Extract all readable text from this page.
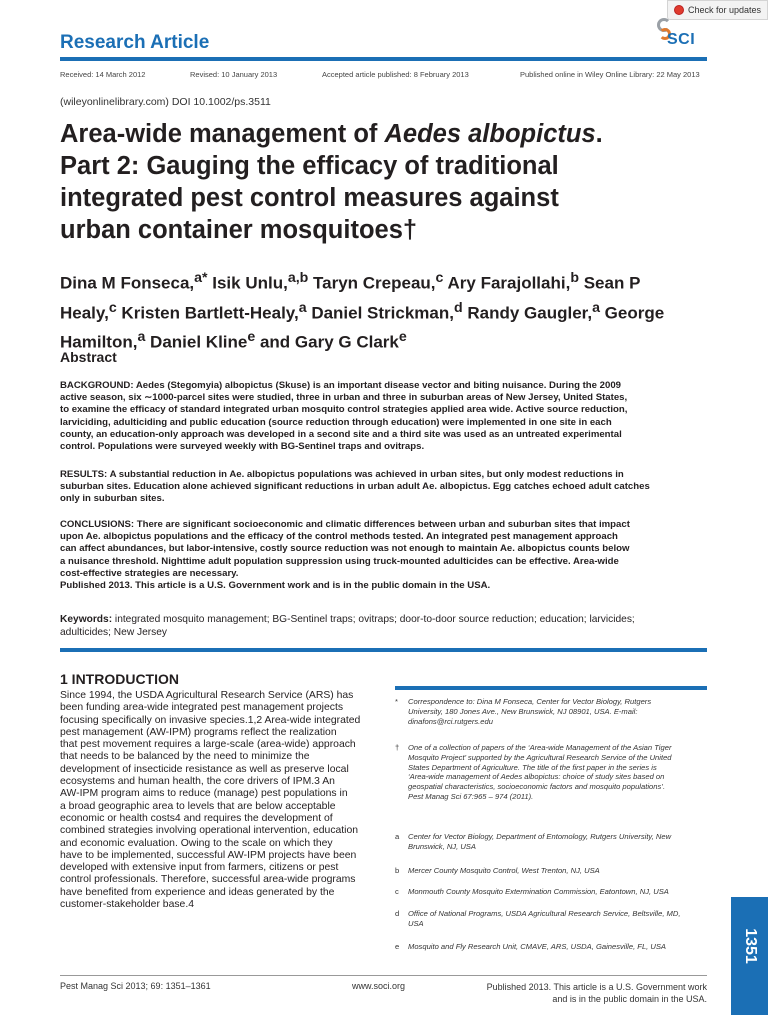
Check for updates
Research Article	SCI
Received: 14 March 2012	Revised: 10 January 2013	Accepted article published: 8 February 2013	Published online in Wiley Online Library: 22 May 2013
(wileyonlinelibrary.com) DOI 10.1002/ps.3511
Area-wide management of Aedes albopictus.
Part 2: Gauging the efficacy of traditional
integrated pest control measures against
urban container mosquitoes†
Dina M Fonseca,$^{a*}$ Isik Unlu,$^{a,b}$ Taryn Crepeau,$^c$ Ary Farajollahi,$^b$ Sean P
Healy,$^c$ Kristen Bartlett-Healy,$^a$ Daniel Strickman,$^d$ Randy Gaugler,$^a$ George
Hamilton,$^a$ Daniel Kline$^e$ and Gary G Clark$^e$
Abstract
BACKGROUND: Aedes (Stegomyia) albopictus (Skuse) is an important disease vector and biting nuisance. During the 2009
active season, six ∼1000-parcel sites were studied, three in urban and three in suburban areas of New Jersey, United States,
to examine the efficacy of standard integrated urban mosquito control strategies applied area wide. Active source reduction,
larviciding, adulticiding and public education (source reduction through education) were implemented in one site in each
county, an education-only approach was developed in a second site and a third site was used as an untreated experimental
control. Populations were surveyed weekly with BG-Sentinel traps and ovitraps.
RESULTS: A substantial reduction in Ae. albopictus populations was achieved in urban sites, but only modest reductions in
suburban sites. Education alone achieved significant reductions in urban adult Ae. albopictus. Egg catches echoed adult catches
only in suburban sites.
CONCLUSIONS: There are significant socioeconomic and climatic differences between urban and suburban sites that impact
upon Ae. albopictus populations and the efficacy of the control methods tested. An integrated pest management approach
can affect abundances, but labor-intensive, costly source reduction was not enough to maintain Ae. albopictus counts below
a nuisance threshold. Nighttime adult population suppression using truck-mounted adulticides can be effective. Area-wide
cost-effective strategies are necessary.
Published 2013. This article is a U.S. Government work and is in the public domain in the USA.
Keywords: integrated mosquito management; BG-Sentinel traps; ovitraps; door-to-door source reduction; education; larvicides;
adulticides; New Jersey
1 INTRODUCTION
Since 1994, the USDA Agricultural Research Service (ARS) has
been funding area-wide integrated pest management projects
focusing specifically on invasive species.1,2 Area-wide integrated
pest management (AW-IPM) programs reflect the realization
that pest movement requires a large-scale (area-wide) approach
that needs to be balanced by the need to minimize the
development of insecticide resistance as well as preserve local
ecosystems and human health, the core drivers of IPM.3 An
AW-IPM program aims to reduce (manage) pest populations in
a broad geographic area to levels that are below acceptable
economic or health costs4 and requires the development of
combined strategies involving operational intervention, education
and economic evaluation. Owing to the scale on which they
have to be implemented, successful AW-IPM projects have been
developed with extensive input from farmers, citizens or pest
control professionals. Therefore, successful area-wide programs
have benefited from experience and ideas generated by the
customer-stakeholder base.4
* Correspondence to: Dina M Fonseca, Center for Vector Biology, Rutgers
University, 180 Jones Ave., New Brunswick, NJ 08901, USA. E-mail:
dinafons@rci.rutgers.edu
† One of a collection of papers of the ‘Area-wide Management of the Asian Tiger
Mosquito Project’ supported by the Agricultural Research Service of the United
States Department of Agriculture. The title of the first paper in the series is
‘Area-wide management of Aedes albopictus: choice of study sites based on
geospatial characteristics, socioeconomic factors and mosquito populations’.
Pest Manag Sci 67:965 – 974 (2011).
a Center for Vector Biology, Department of Entomology, Rutgers University, New
Brunswick, NJ, USA
b Mercer County Mosquito Control, West Trenton, NJ, USA
c Monmouth County Mosquito Extermination Commission, Eatontown, NJ, USA
d Office of National Programs, USDA Agricultural Research Service, Beltsville, MD,
USA
e Mosquito and Fly Research Unit, CMAVE, ARS, USDA, Gainesville, FL, USA
Pest Manag Sci 2013; 69: 1351–1361	www.soci.org	Published 2013. This article is a U.S. Government work
and is in the public domain in the USA.
1351
